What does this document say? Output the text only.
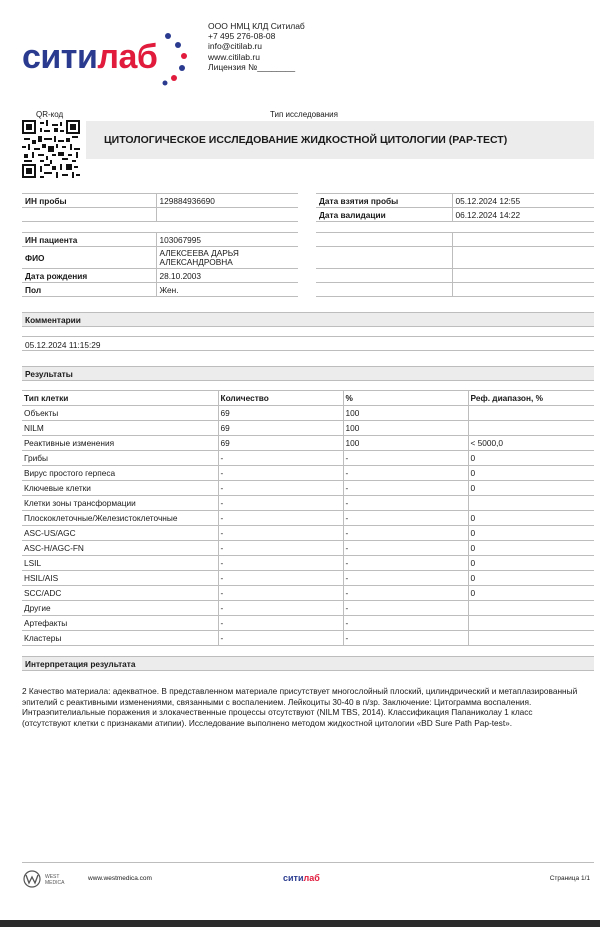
ситилаб
ООО НМЦ КЛД Ситилаб
+7 495 276-08-08
info@citilab.ru
www.citilab.ru
Лицензия №________
QR-код	Тип исследования
ЦИТОЛОГИЧЕСКОЕ ИССЛЕДОВАНИЕ ЖИДКОСТНОЙ ЦИТОЛОГИИ (PAP-ТЕСТ)
ИН пробы	129884936690
		Дата взятия пробы	05.12.2024 12:55
Дата валидации	06.12.2024 14:22
ИН пациента	103067995
ФИО	АЛЕКСЕЕВА ДАРЬЯ
АЛЕКСАНДРОВНА

Дата рождения	28.10.2003
Пол	Жен.

Комментарии
05.12.2024 11:15:29
Результаты
Тип клетки	Количество	%	Реф. диапазон, %
Объекты	69	100	
NILM	69	100	
Реактивные изменения	69	100	< 5000,0
Грибы	-	-	0
Вирус простого герпеса	-	-	0
Ключевые клетки	-	-	0
Клетки зоны трансформации	-	-	
Плоскоклеточные/Железистоклеточные	-	-	0
ASC-US/AGC	-	-	0
ASC-H/AGC-FN	-	-	0
LSIL	-	-	0
HSIL/AIS	-	-	0
SCC/ADC	-	-	0
Другие	-	-	
Артефакты	-	-	
Кластеры	-	-	
Интерпретация результата
2 Качество материала: адекватное. В представленном материале присутствует многослойный плоский, цилиндрический и метаплазированный эпителий с реактивными изменениями, связанными с воспалением. Лейкоциты 30-40 в п/зр. Заключение: Цитограмма воспаления. Интраэпителиальные поражения и злокачественные процессы отсутствуют (NILM TBS, 2014). Классификация Папаниколау 1 класс (отсутствуют клетки с признаками атипии). Исследование выполнено методом жидкостной цитологии «BD Sure Path Pap-test».
WEST
MEDICA
www.westmedica.com	ситилаб	Страница 1/1
